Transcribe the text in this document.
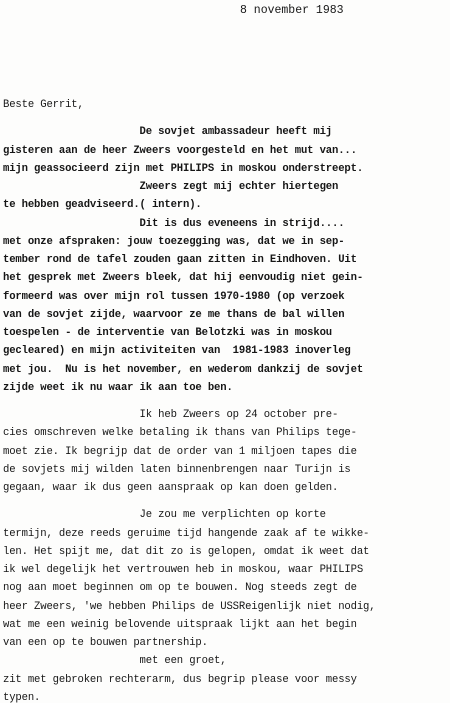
8 november 1983
Beste Gerrit,
De sovjet ambassadeur heeft mij
gisteren aan de heer Zweers voorgesteld en het mut van...
mijn geassocieerd zijn met PHILIPS in moskou onderstreept.
Zweers zegt mij echter hiertegen
te hebben geadviseerd.( intern).
Dit is dus eveneens in strijd....
met onze afspraken: jouw toezegging was, dat we in sep-
tember rond de tafel zouden gaan zitten in Eindhoven. Uit
het gesprek met Zweers bleek, dat hij eenvoudig niet gein-
formeerd was over mijn rol tussen 1970-1980 (op verzoek
van de sovjet zijde, waarvoor ze me thans de bal willen
toespelen - de interventie van Belotzki was in moskou
gecleared) en mijn activiteiten van  1981-1983 inoverleg
met jou.  Nu is het november, en wederom dankzij de sovjet
zijde weet ik nu waar ik aan toe ben.
Ik heb Zweers op 24 october pre-
cies omschreven welke betaling ik thans van Philips tege-
moet zie. Ik begrijp dat de order van 1 miljoen tapes die
de sovjets mij wilden laten binnenbrengen naar Turijn is
gegaan, waar ik dus geen aanspraak op kan doen gelden.
Je zou me verplichten op korte
termijn, deze reeds geruime tijd hangende zaak af te wikke-
len. Het spijt me, dat dit zo is gelopen, omdat ik weet dat
ik wel degelijk het vertrouwen heb in moskou, waar PHILIPS
nog aan moet beginnen om op te bouwen. Nog steeds zegt de
heer Zweers, 'we hebben Philips de USSReigenlijk niet nodig,
wat me een weinig belovende uitspraak lijkt aan het begin
van een op te bouwen partnership.
met een groet,
zit met gebroken rechterarm, dus begrip please voor messy
typen.
